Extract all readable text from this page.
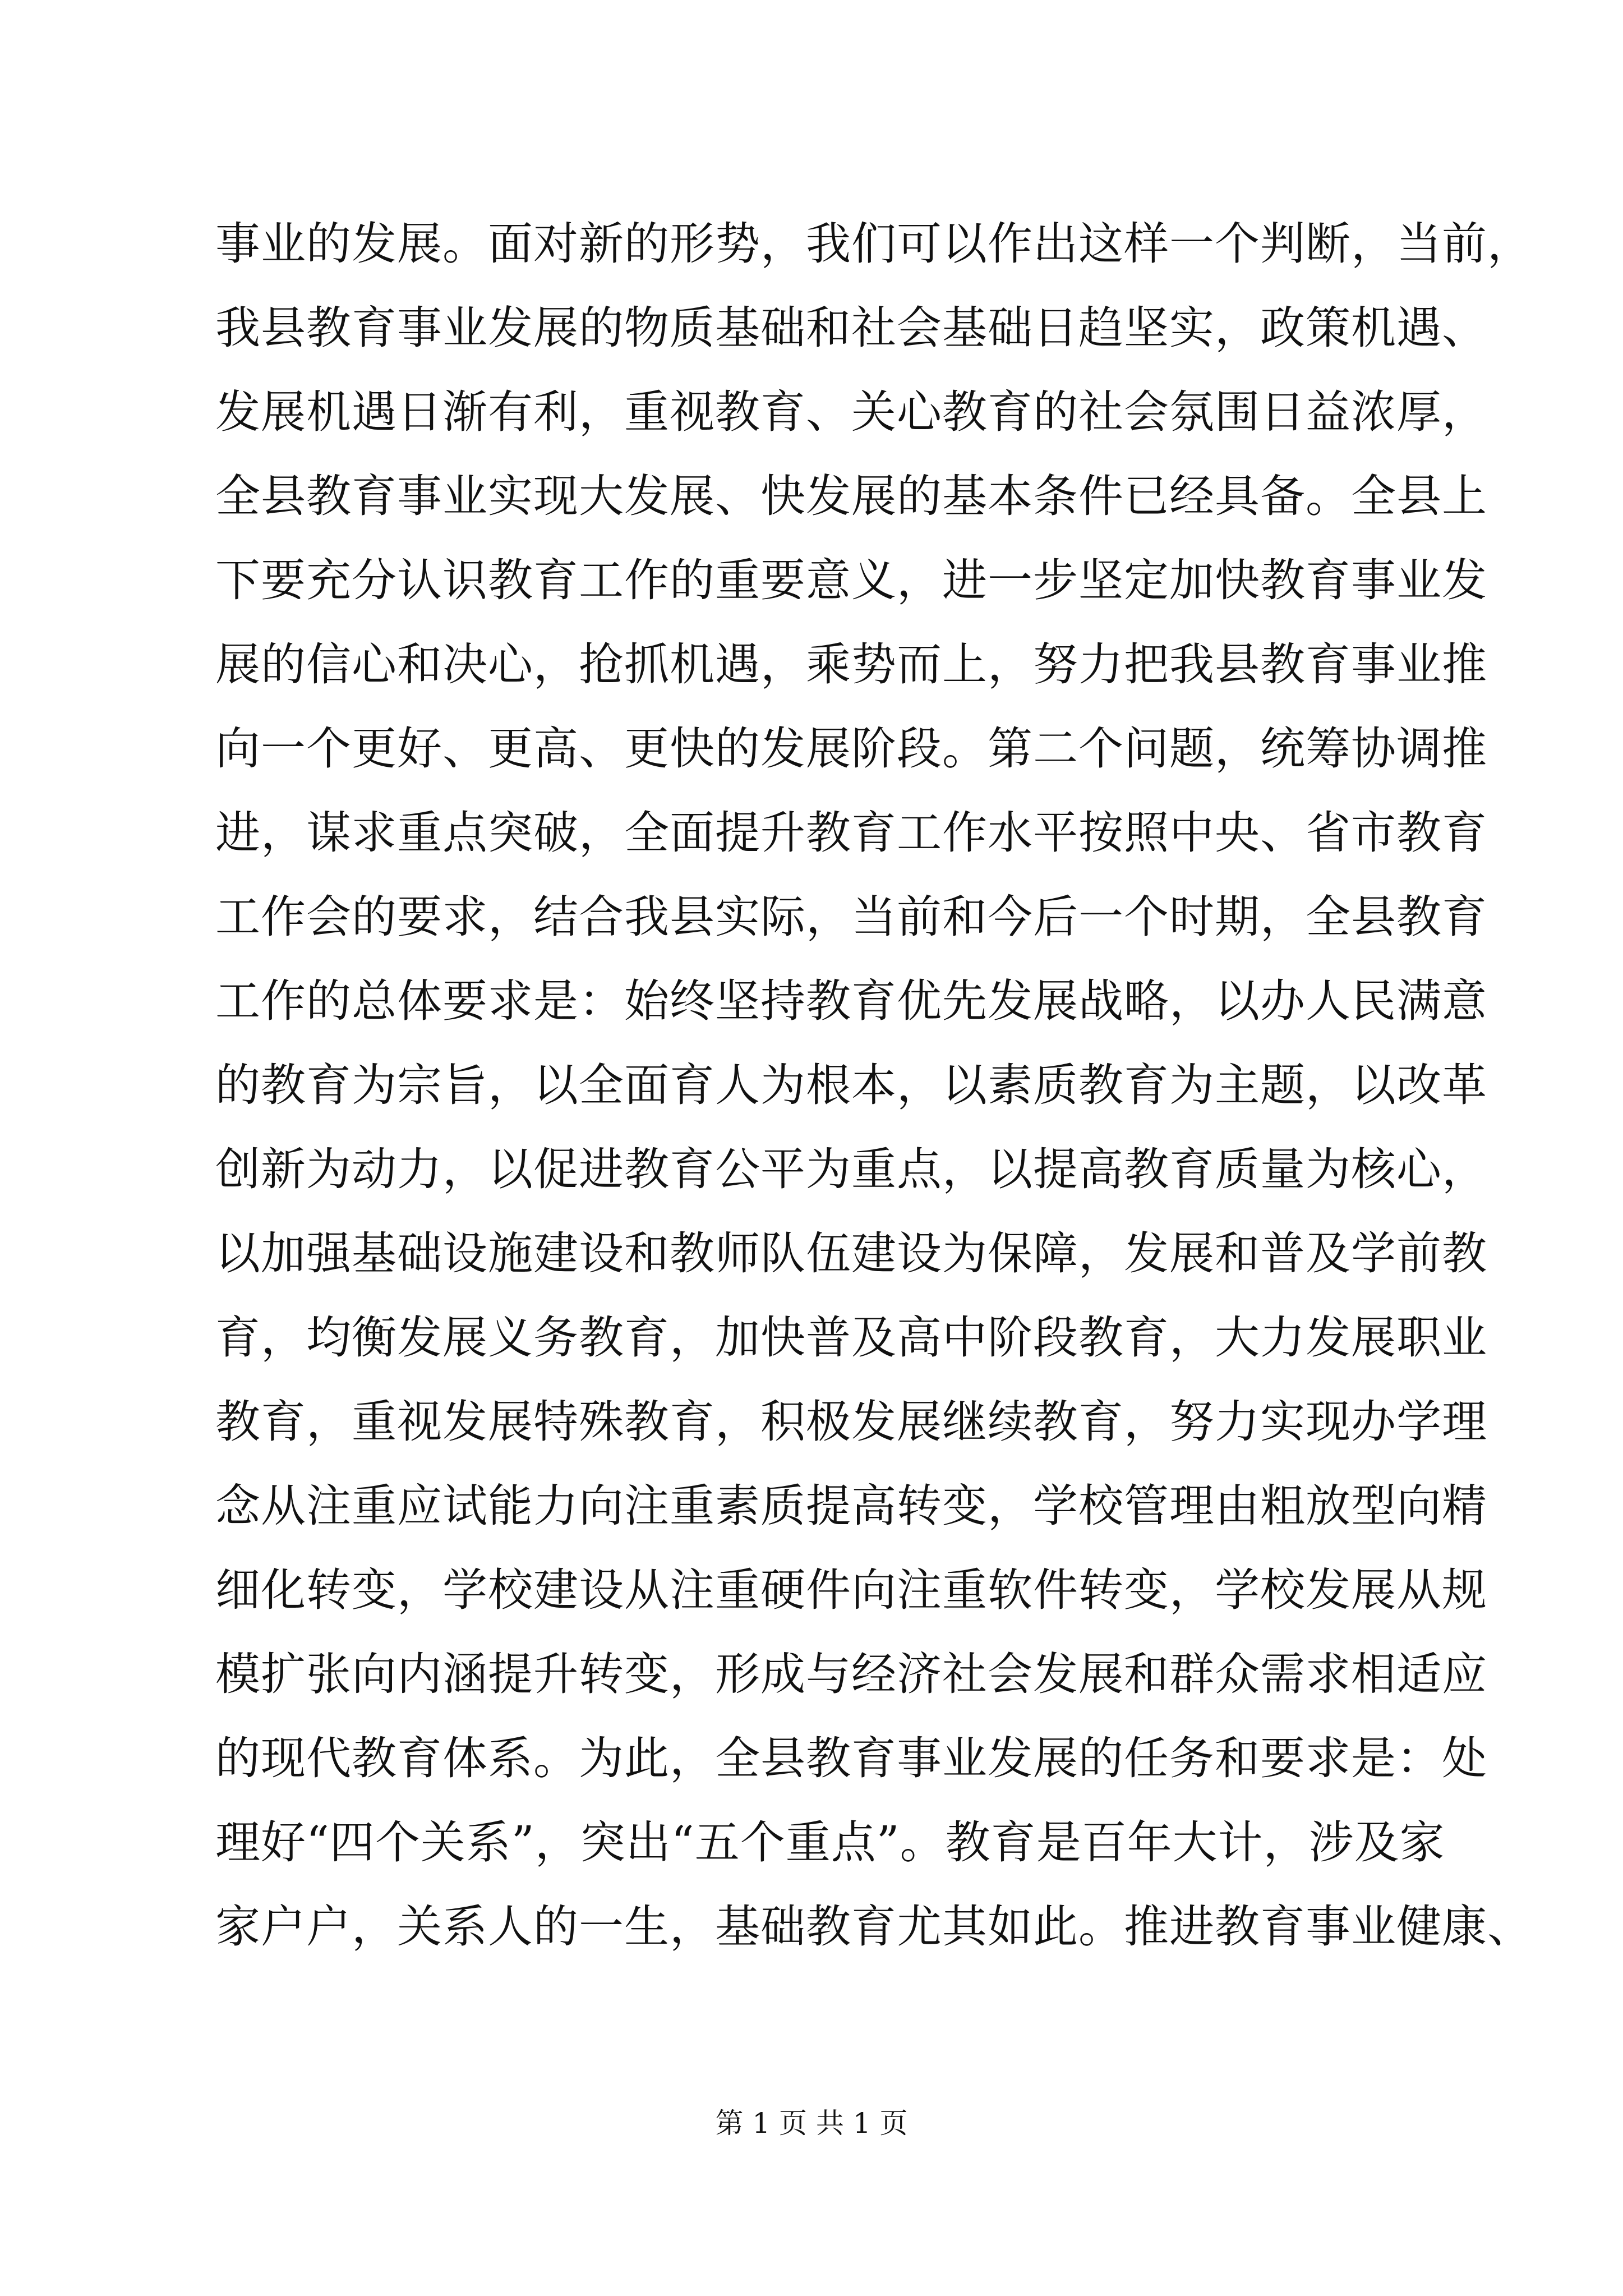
事业的发展。面对新的形势，我们可以作出这样一个判断，当前，
我县教育事业发展的物质基础和社会基础日趋坚实，政策机遇、
发展机遇日渐有利，重视教育、关心教育的社会氛围日益浓厚，
全县教育事业实现大发展、快发展的基本条件已经具备。全县上
下要充分认识教育工作的重要意义，进一步坚定加快教育事业发
展的信心和决心，抢抓机遇，乘势而上，努力把我县教育事业推
向一个更好、更高、更快的发展阶段。第二个问题，统筹协调推
进，谋求重点突破，全面提升教育工作水平按照中央、省市教育
工作会的要求，结合我县实际，当前和今后一个时期，全县教育
工作的总体要求是：始终坚持教育优先发展战略，以办人民满意
的教育为宗旨，以全面育人为根本，以素质教育为主题，以改革
创新为动力，以促进教育公平为重点，以提高教育质量为核心，
以加强基础设施建设和教师队伍建设为保障，发展和普及学前教
育，均衡发展义务教育，加快普及高中阶段教育，大力发展职业
教育，重视发展特殊教育，积极发展继续教育，努力实现办学理
念从注重应试能力向注重素质提高转变，学校管理由粗放型向精
细化转变，学校建设从注重硬件向注重软件转变，学校发展从规
模扩张向内涵提升转变，形成与经济社会发展和群众需求相适应
的现代教育体系。为此，全县教育事业发展的任务和要求是：处
理好“四个关系”，突出“五个重点”。教育是百年大计，涉及家
家户户，关系人的一生，基础教育尤其如此。推进教育事业健康、
第 1 页 共 1 页
